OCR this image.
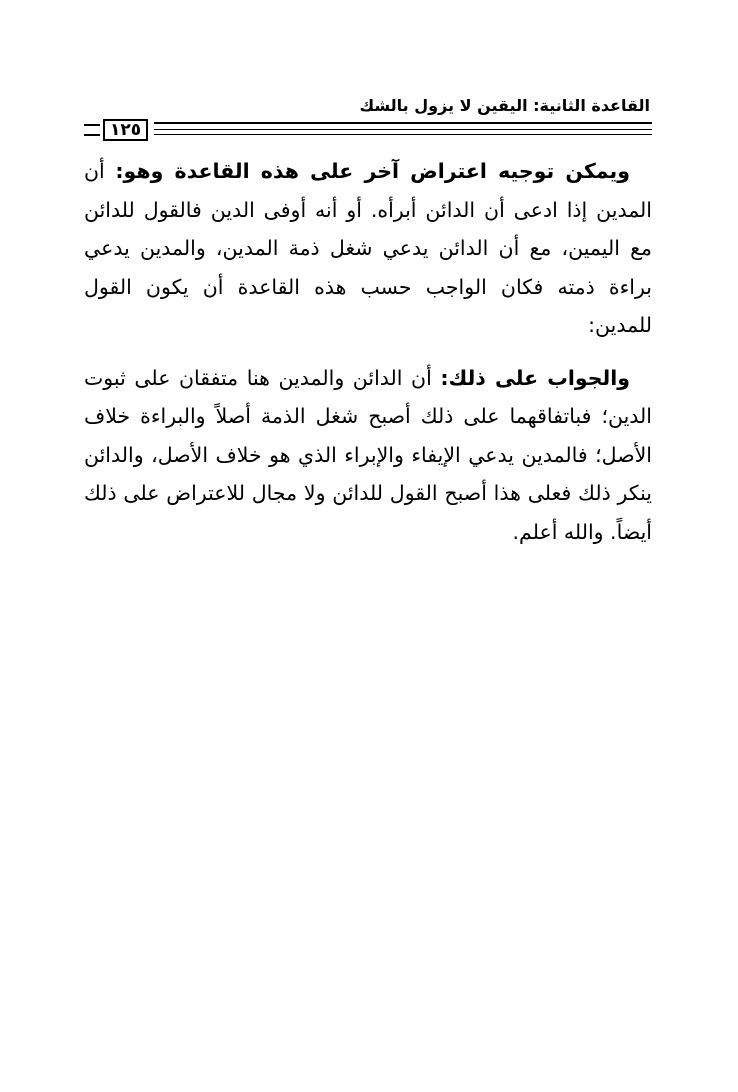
القاعدة الثانية: اليقين لا يزول بالشك
١٢٥

ويمكن توجيه اعتراض آخر على هذه القاعدة وهو: أن المدين إذا ادعى أن الدائن أبرأه. أو أنه أوفى الدين فالقول للدائن مع اليمين، مع أن الدائن يدعي شغل ذمة المدين، والمدين يدعي براءة ذمته فكان الواجب حسب هذه القاعدة أن يكون القول للمدين:

والجواب على ذلك: أن الدائن والمدين هنا متفقان على ثبوت الدين؛ فباتفاقهما على ذلك أصبح شغل الذمة أصلاً والبراءة خلاف الأصل؛ فالمدين يدعي الإيفاء والإبراء الذي هو خلاف الأصل، والدائن ينكر ذلك فعلى هذا أصبح القول للدائن ولا مجال للاعتراض على ذلك أيضاً. والله أعلم.
